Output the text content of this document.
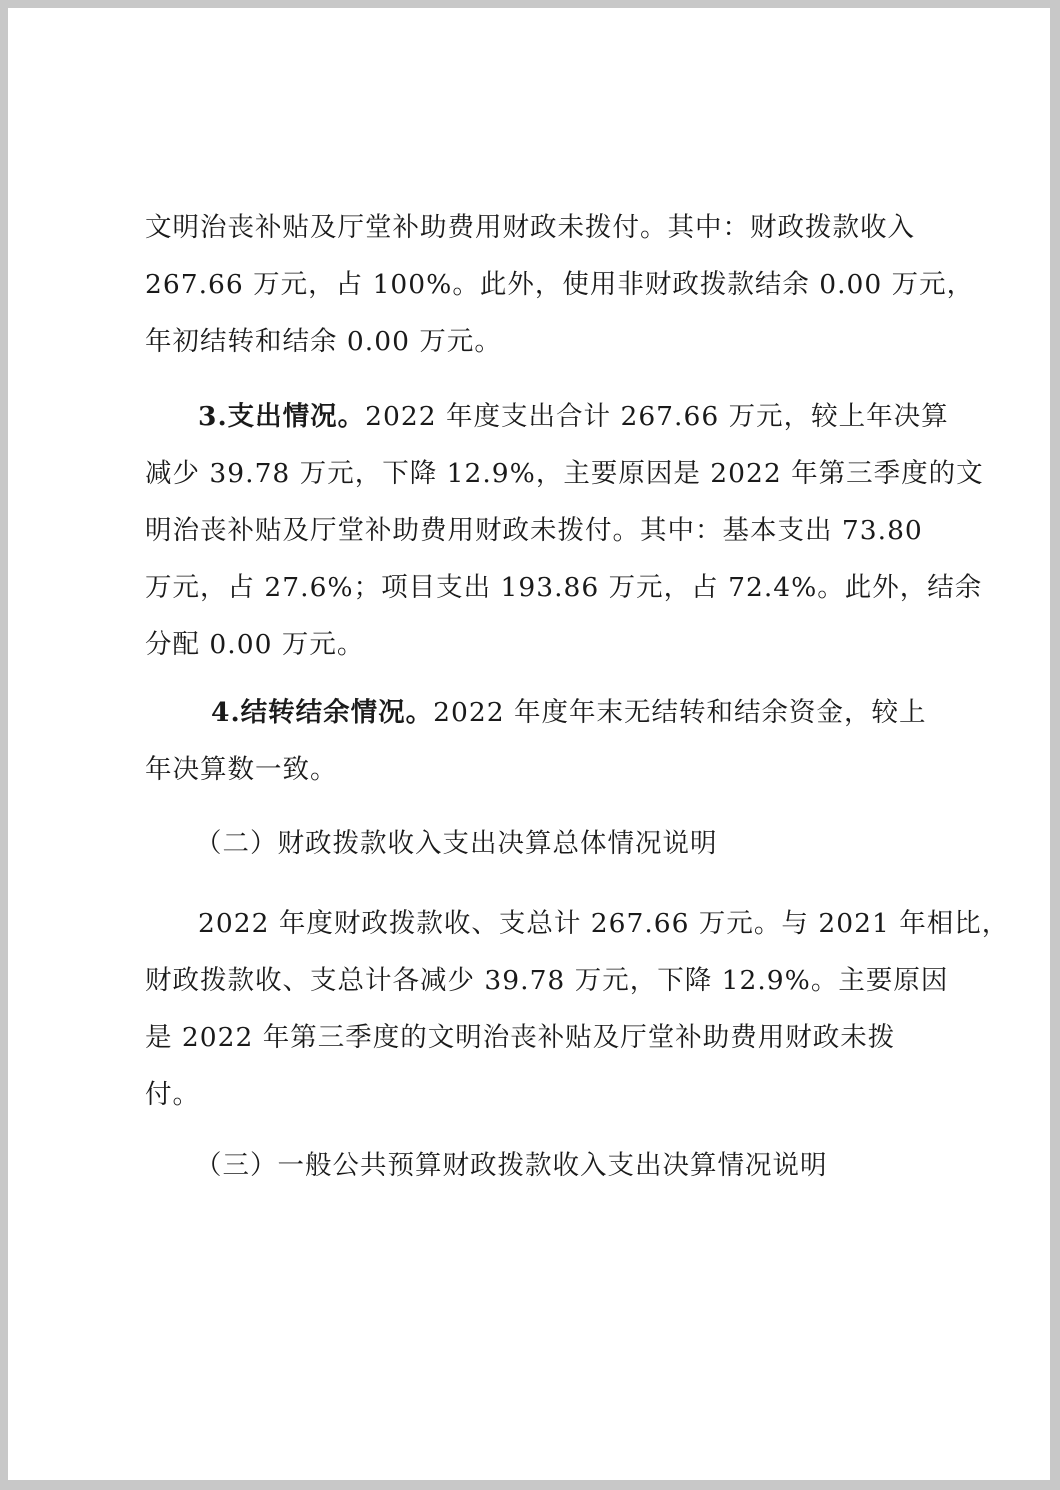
文明治丧补贴及厅堂补助费用财政未拨付。其中：财政拨款收入
267.66 万元，占 100%。此外，使用非财政拨款结余 0.00 万元，
年初结转和结余 0.00 万元。
3.支出情况。2022 年度支出合计 267.66 万元，较上年决算
减少 39.78 万元，下降 12.9%，主要原因是 2022 年第三季度的文
明治丧补贴及厅堂补助费用财政未拨付。其中：基本支出 73.80
万元，占 27.6%；项目支出 193.86 万元，占 72.4%。此外，结余
分配 0.00 万元。
4.结转结余情况。2022 年度年末无结转和结余资金，较上
年决算数一致。
（二）财政拨款收入支出决算总体情况说明
2022 年度财政拨款收、支总计 267.66 万元。与 2021 年相比，
财政拨款收、支总计各减少 39.78 万元，下降 12.9%。主要原因
是 2022 年第三季度的文明治丧补贴及厅堂补助费用财政未拨
付。
（三）一般公共预算财政拨款收入支出决算情况说明
